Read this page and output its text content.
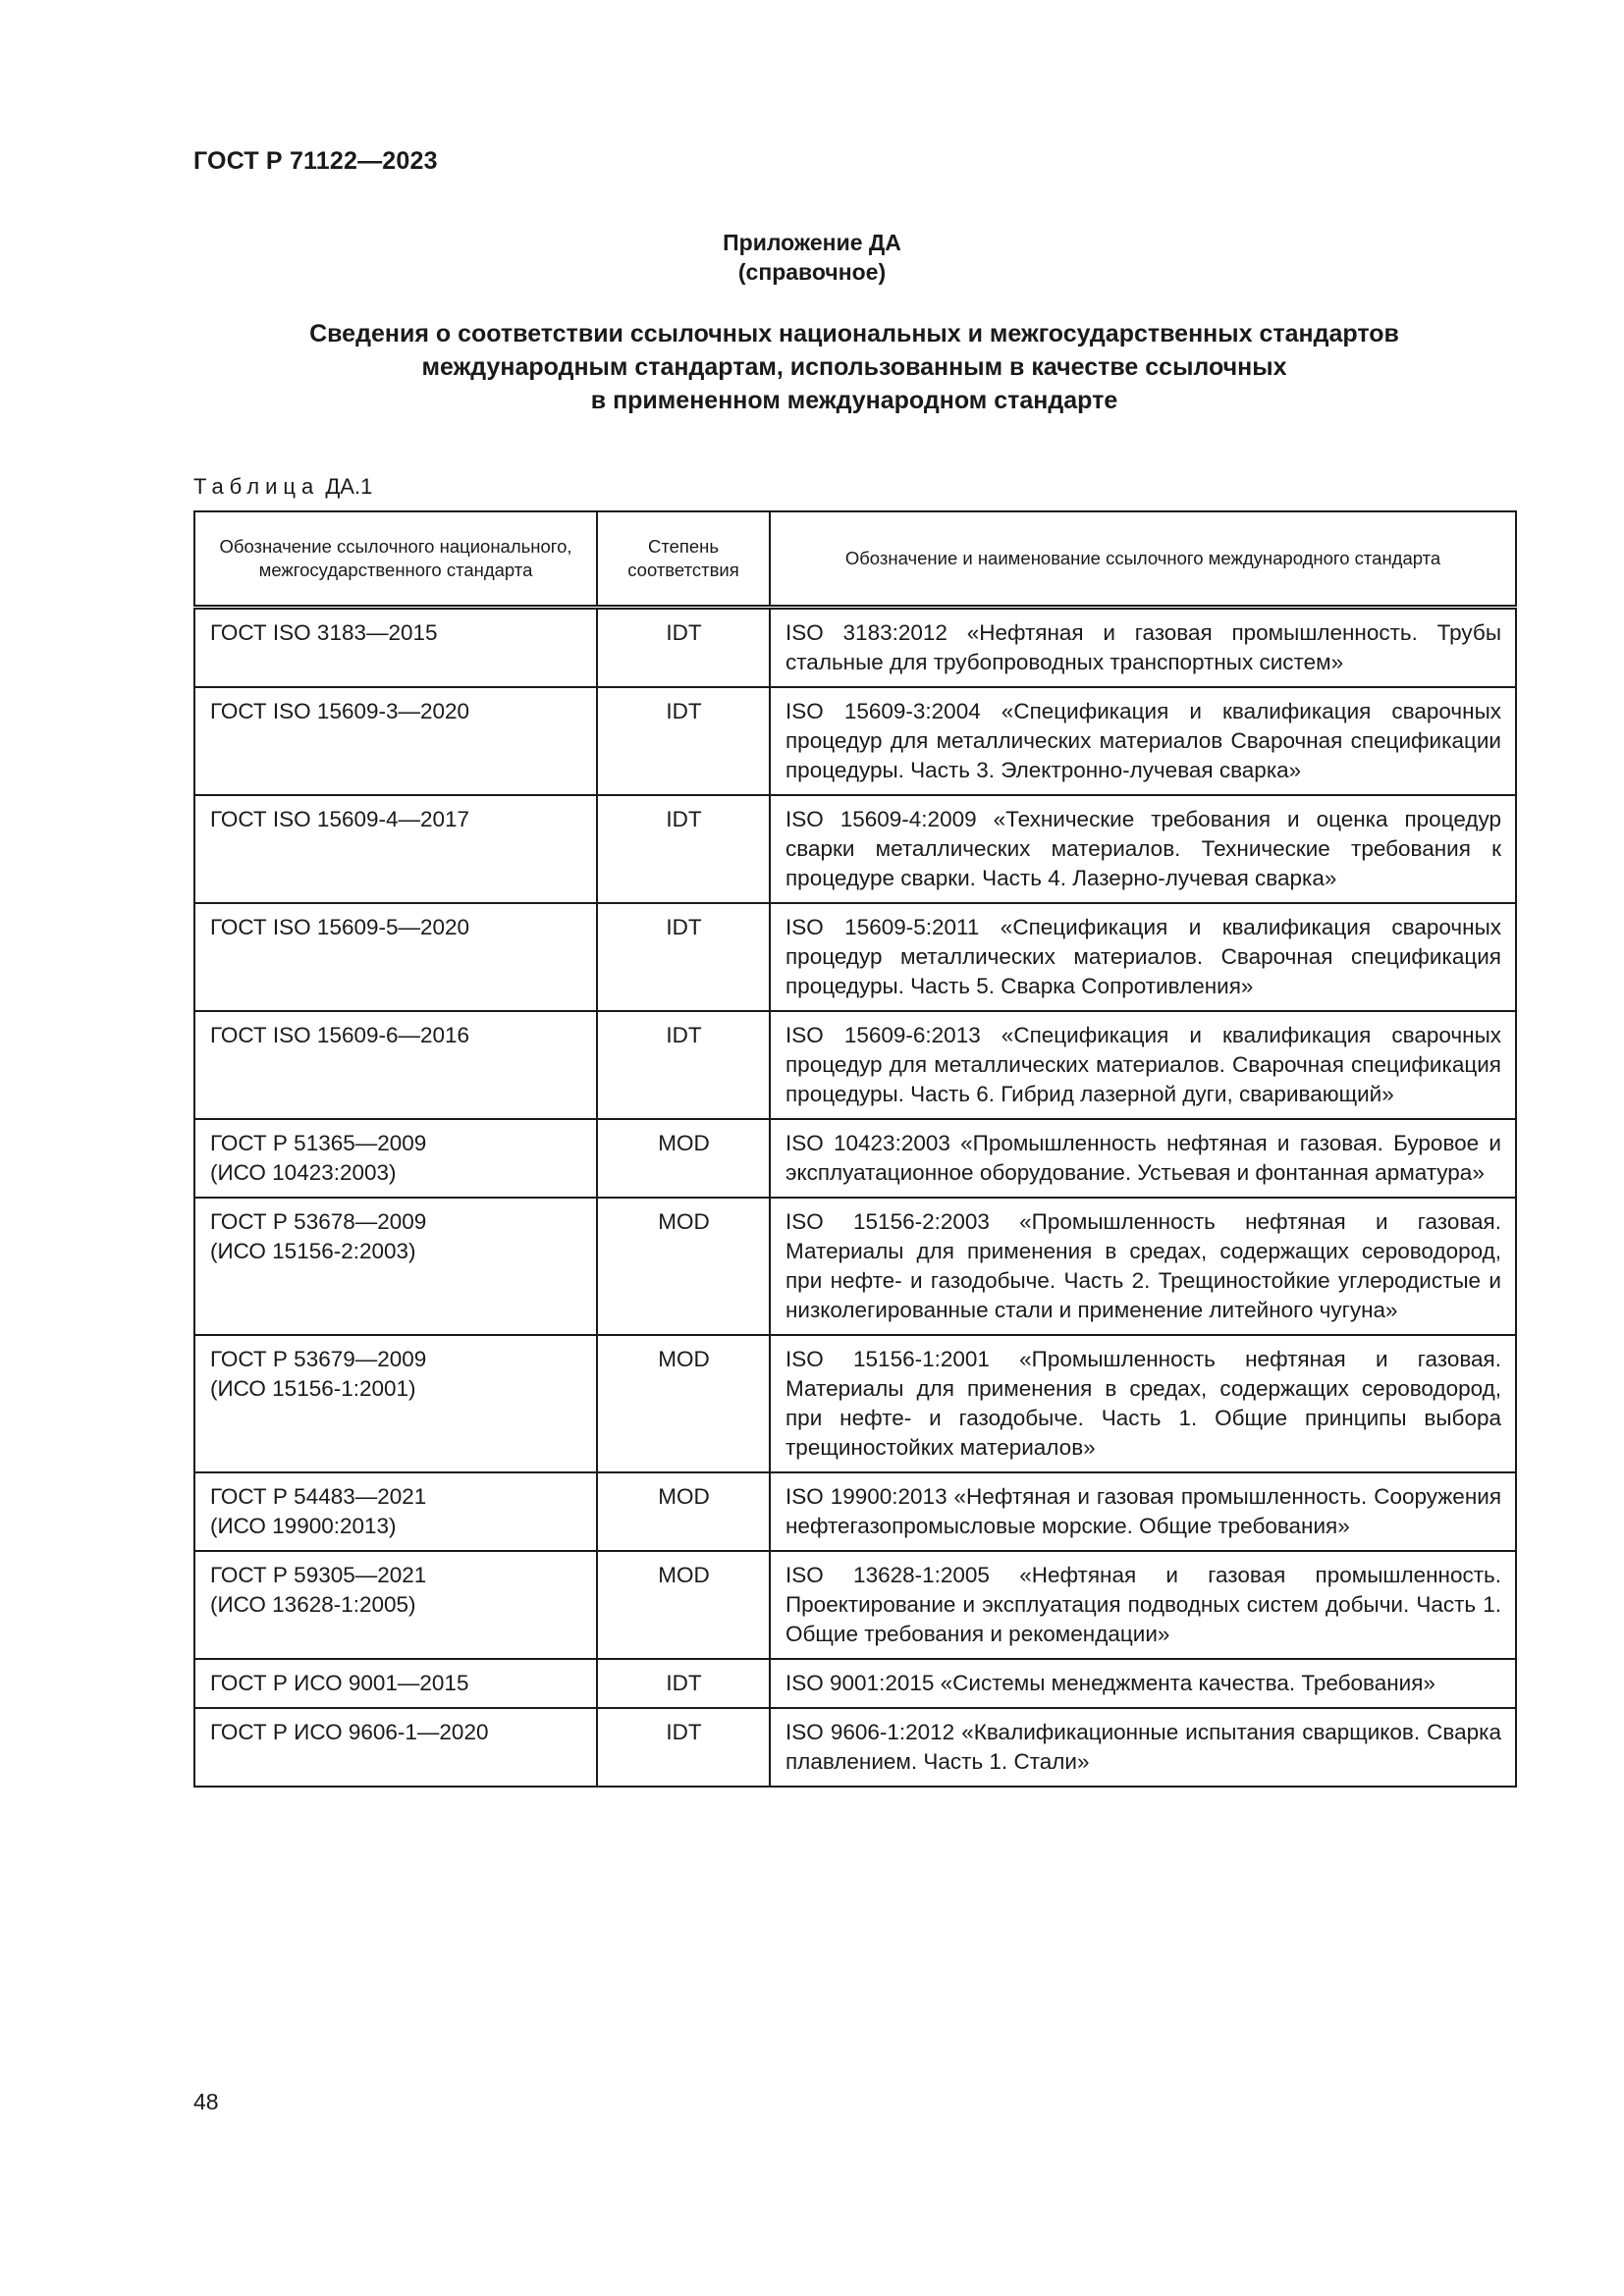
ГОСТ Р 71122—2023
Приложение ДА
(справочное)
Сведения о соответствии ссылочных национальных и межгосударственных стандартов
международным стандартам, использованным в качестве ссылочных
в примененном международном стандарте
Таблица ДА.1
Обозначение ссылочного национального, межгосударственного стандарта	Степень соответствия	Обозначение и наименование ссылочного международного стандарта

ГОСТ ISO 3183—2015	IDT	ISO 3183:2012 «Нефтяная и газовая промышленность. Трубы стальные для трубопроводных транспортных систем»

ГОСТ ISO 15609-3—2020	IDT	ISO 15609-3:2004 «Спецификация и квалификация сварочных процедур для металлических материалов Сварочная спецификации процедуры. Часть 3. Электронно-лучевая сварка»

ГОСТ ISO 15609-4—2017	IDT	ISO 15609-4:2009 «Технические требования и оценка процедур сварки металлических материалов. Технические требования к процедуре сварки. Часть 4. Лазерно-лучевая сварка»

ГОСТ ISO 15609-5—2020	IDT	ISO 15609-5:2011 «Спецификация и квалификация сварочных процедур металлических материалов. Сварочная спецификация процедуры. Часть 5. Сварка Сопротивления»

ГОСТ ISO 15609-6—2016	IDT	ISO 15609-6:2013 «Спецификация и квалификация сварочных процедур для металлических материалов. Сварочная спецификация процедуры. Часть 6. Гибрид лазерной дуги, сваривающий»

ГОСТ Р 51365—2009
(ИСО 10423:2003)	MOD	ISO 10423:2003 «Промышленность нефтяная и газовая. Буровое и эксплуатационное оборудование. Устьевая и фонтанная арматура»

ГОСТ Р 53678—2009
(ИСО 15156-2:2003)	MOD	ISO 15156-2:2003 «Промышленность нефтяная и газовая. Материалы для применения в средах, содержащих сероводород, при нефте- и газодобыче. Часть 2. Трещиностойкие углеродистые и низколегированные стали и применение литейного чугуна»

ГОСТ Р 53679—2009
(ИСО 15156-1:2001)	MOD	ISO 15156-1:2001 «Промышленность нефтяная и газовая. Материалы для применения в средах, содержащих сероводород, при нефте- и газодобыче. Часть 1. Общие принципы выбора трещиностойких материалов»

ГОСТ Р 54483—2021
(ИСО 19900:2013)	MOD	ISO 19900:2013 «Нефтяная и газовая промышленность. Сооружения нефтегазопромысловые морские. Общие требования»

ГОСТ Р 59305—2021
(ИСО 13628-1:2005)	MOD	ISO 13628-1:2005 «Нефтяная и газовая промышленность. Проектирование и эксплуатация подводных систем добычи. Часть 1. Общие требования и рекомендации»

ГОСТ Р ИСО 9001—2015	IDT	ISO 9001:2015 «Системы менеджмента качества. Требования»

ГОСТ Р ИСО 9606-1—2020	IDT	ISO 9606-1:2012 «Квалификационные испытания сварщиков. Сварка плавлением. Часть 1. Стали»
48
